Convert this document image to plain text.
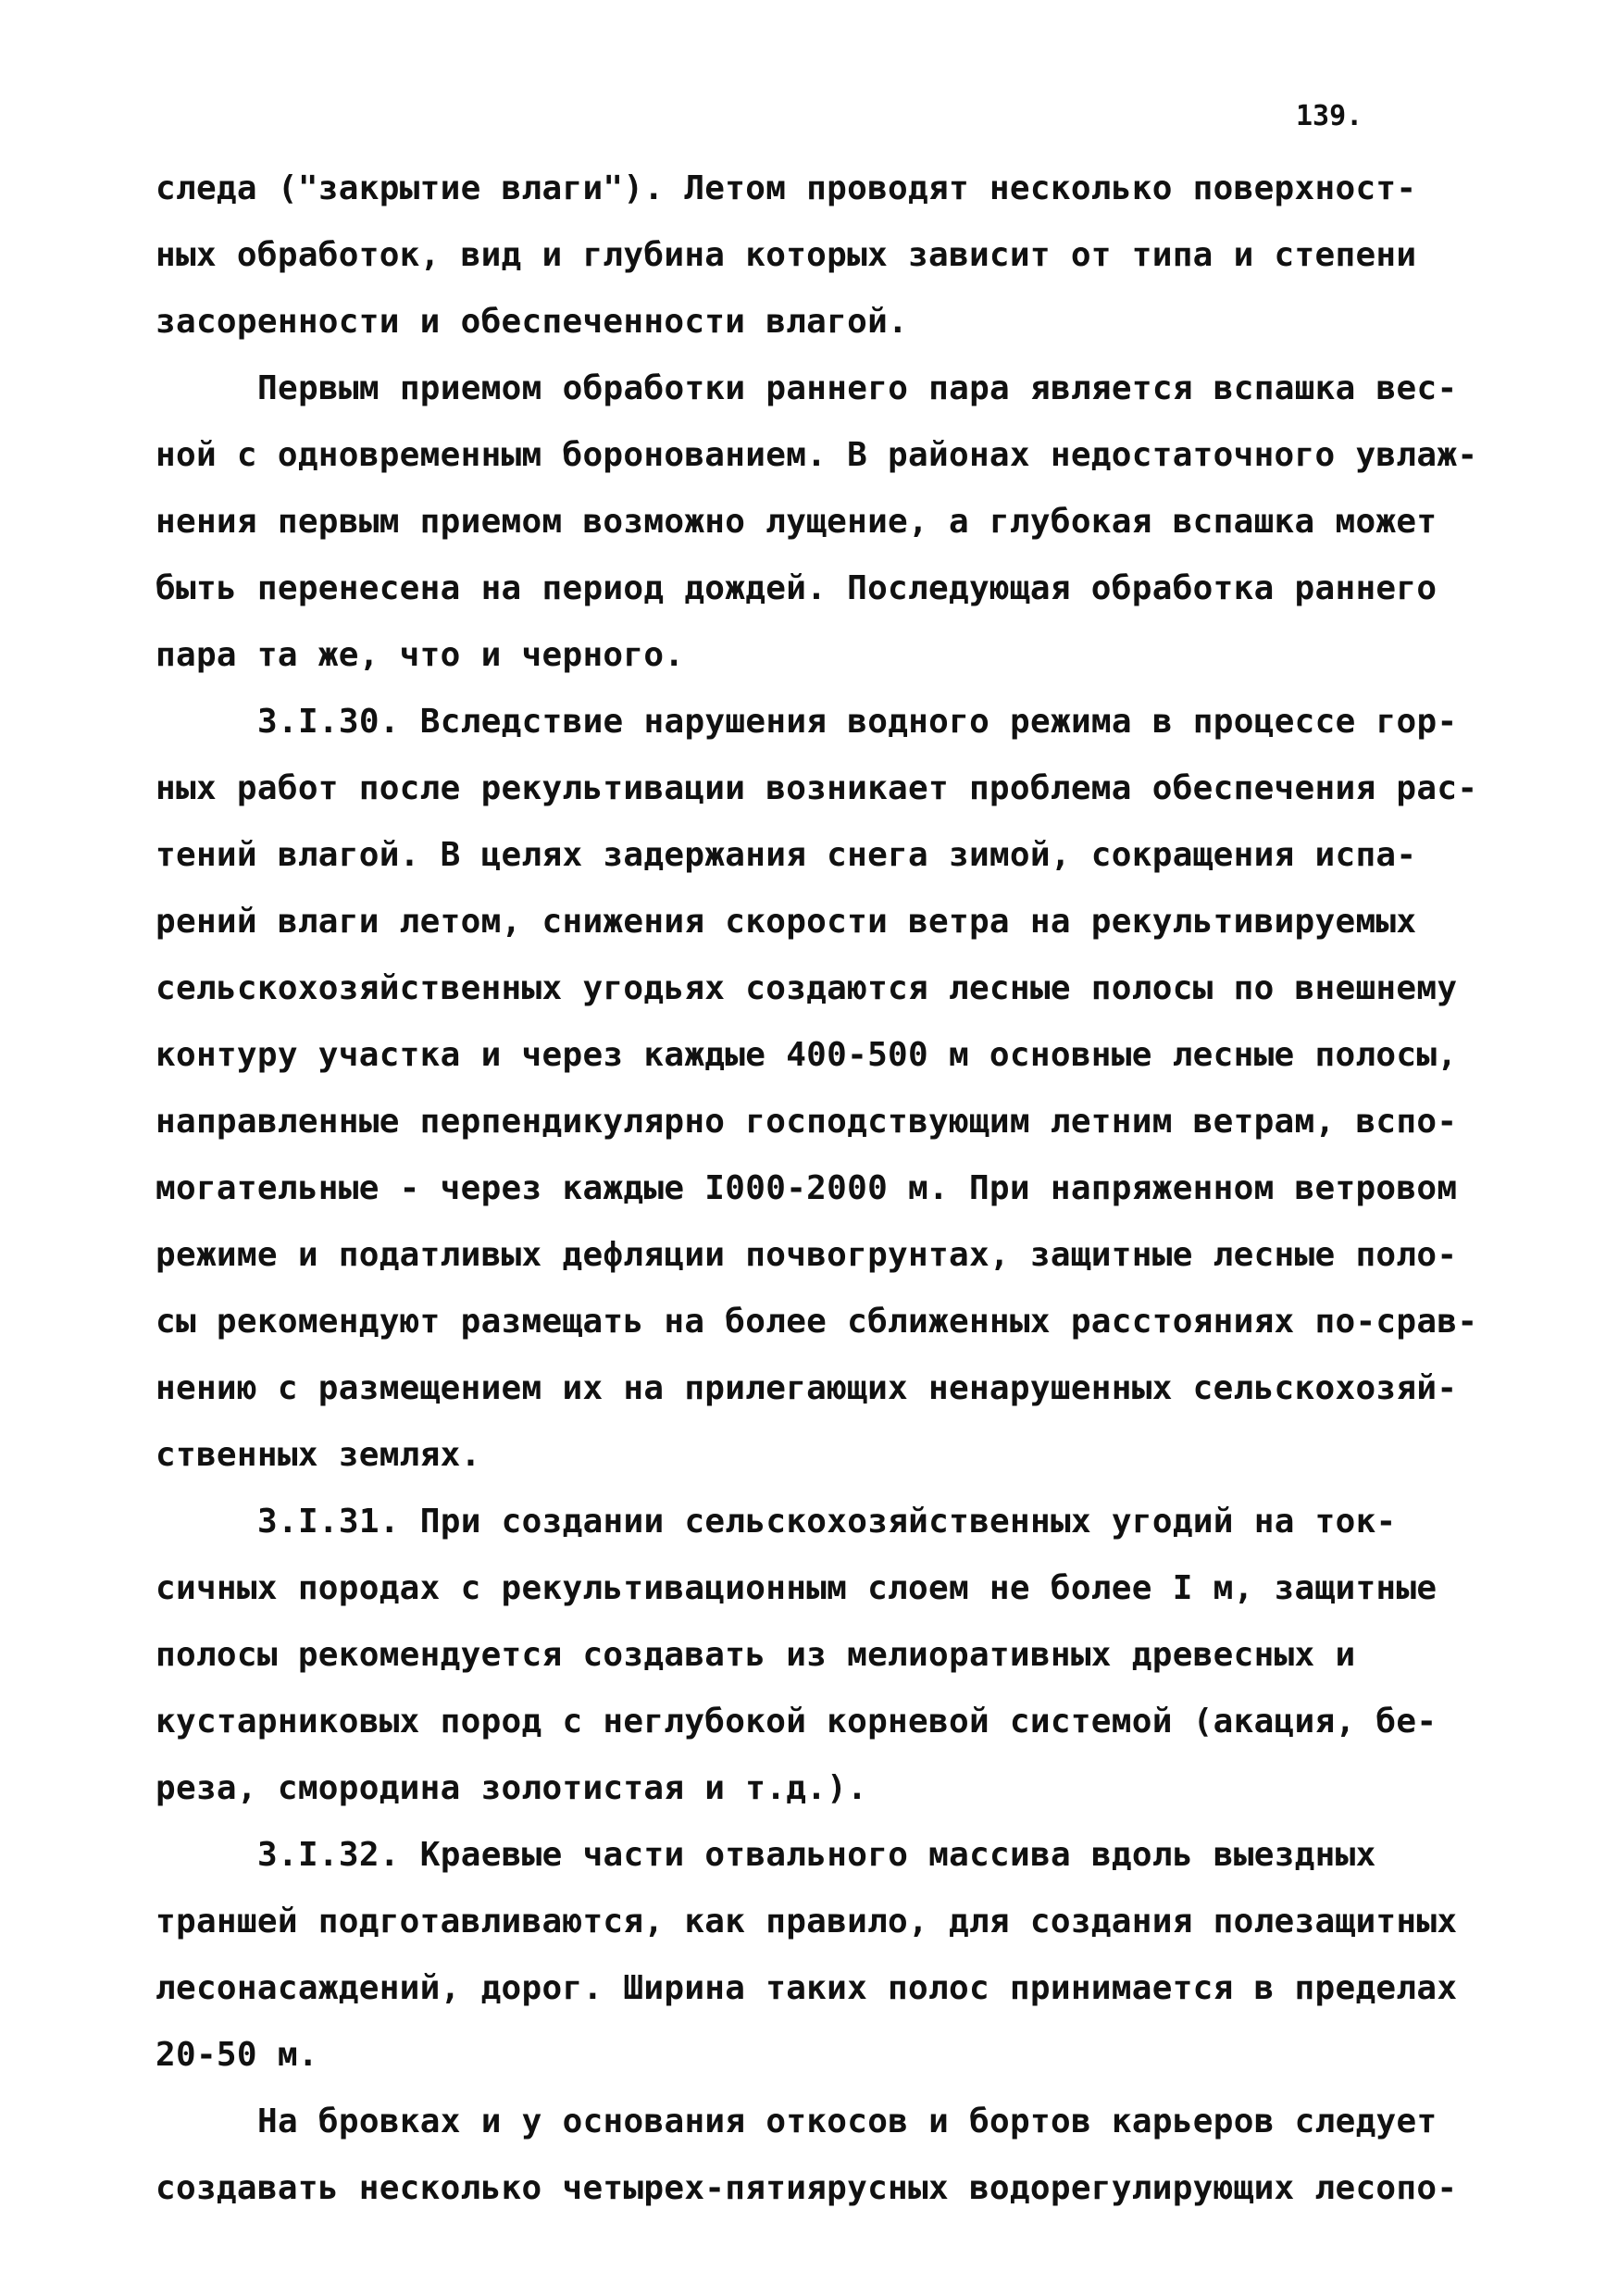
139.
следа ("закрытие влаги"). Летом проводят несколько поверхност-
ных обработок, вид и глубина которых зависит от типа и степени
засоренности и обеспеченности влагой.
Первым приемом обработки раннего пара является вспашка вес-
ной с одновременным боронованием. В районах недостаточного увлаж-
нения первым приемом возможно лущение, а глубокая вспашка может
быть перенесена на период дождей. Последующая обработка раннего
пара та же, что и черного.
3.I.30. Вследствие нарушения водного режима в процессе гор-
ных работ после рекультивации возникает проблема обеспечения рас-
тений влагой. В целях задержания снега зимой, сокращения испа-
рений влаги летом, снижения скорости ветра на рекультивируемых
сельскохозяйственных угодьях создаются лесные полосы по внешнему
контуру участка и через каждые 400-500 м основные лесные полосы,
направленные перпендикулярно господствующим летним ветрам, вспо-
могательные - через каждые I000-2000 м. При напряженном ветровом
режиме и податливых дефляции почвогрунтах, защитные лесные поло-
сы рекомендуют размещать на более сближенных расстояниях по-срав-
нению с размещением их на прилегающих ненарушенных сельскохозяй-
ственных землях.
3.I.31. При создании сельскохозяйственных угодий на ток-
сичных породах с рекультивационным слоем не более I м, защитные
полосы рекомендуется создавать из мелиоративных древесных и
кустарниковых пород с неглубокой корневой системой (акация, бе-
реза, смородина золотистая и т.д.).
3.I.32. Краевые части отвального массива вдоль выездных
траншей подготавливаются, как правило, для создания полезащитных
лесонасаждений, дорог. Ширина таких полос принимается в пределах
20-50 м.
На бровках и у основания откосов и бортов карьеров следует
создавать несколько четырех-пятиярусных водорегулирующих лесопо-
